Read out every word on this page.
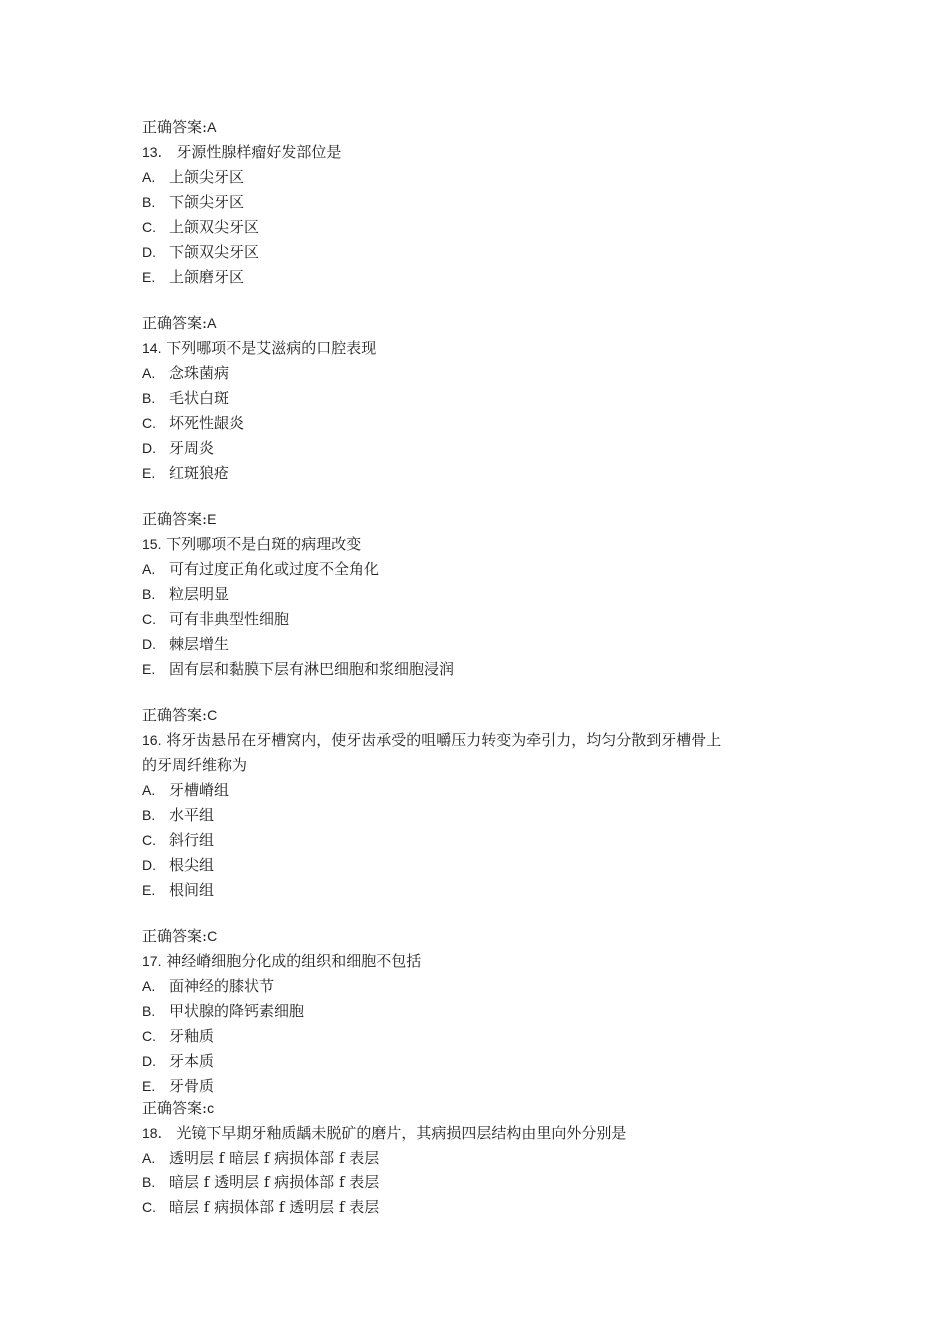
正确答案:A
13． 牙源性腺样瘤好发部位是
A. 上颌尖牙区
B. 下颌尖牙区
C. 上颌双尖牙区
D. 下颌双尖牙区
E. 上颌磨牙区
正确答案:A
14. 下列哪项不是艾滋病的口腔表现
A. 念珠菌病
B. 毛状白斑
C. 坏死性龈炎
D. 牙周炎
E. 红斑狼疮
正确答案:E
15. 下列哪项不是白斑的病理改变
A. 可有过度正角化或过度不全角化
B. 粒层明显
C. 可有非典型性细胞
D. 棘层增生
E. 固有层和黏膜下层有淋巴细胞和浆细胞浸润
正确答案:C
16. 将牙齿悬吊在牙槽窝内，使牙齿承受的咀嚼压力转变为牵引力，均匀分散到牙槽骨上
的牙周纤维称为
A. 牙槽嵴组
B. 水平组
C. 斜行组
D. 根尖组
E. 根间组
正确答案:C
17. 神经嵴细胞分化成的组织和细胞不包括
A. 面神经的膝状节
B. 甲状腺的降钙素细胞
C. 牙釉质
D. 牙本质
E. 牙骨质
正确答案:c
18． 光镜下早期牙釉质龋未脱矿的磨片，其病损四层结构由里向外分别是
A. 透明层 f 暗层 f 病损体部 f 表层
B. 暗层 f 透明层 f 病损体部 f 表层
C. 暗层 f 病损体部 f 透明层 f 表层
